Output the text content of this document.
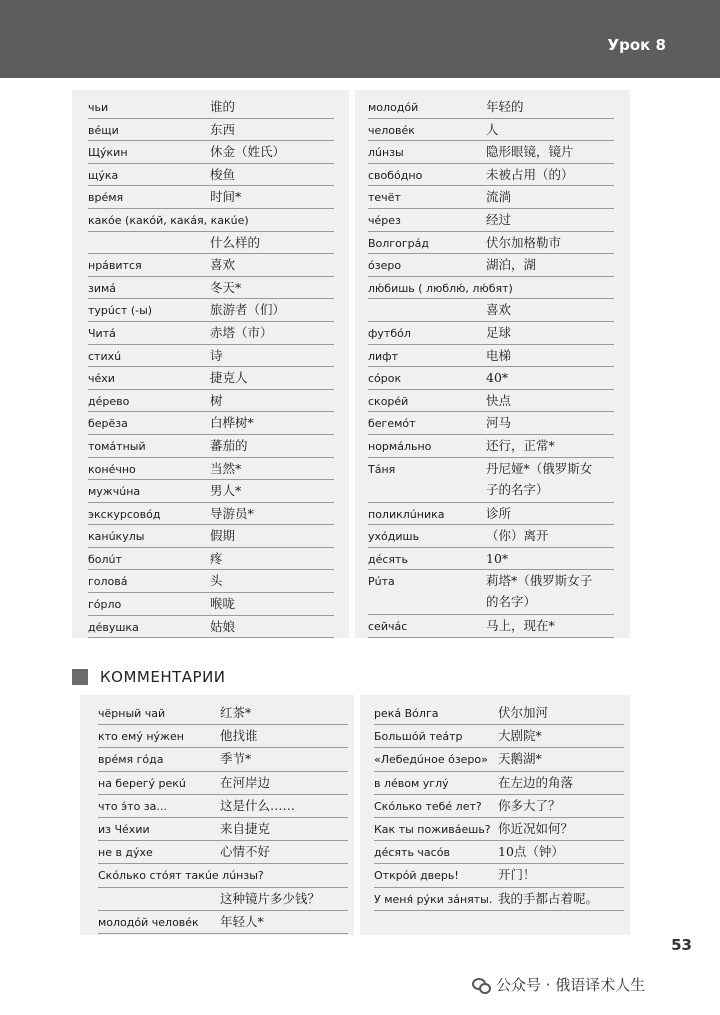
Урок 8
чьи	谁的
вéщи	东西
Щýкин	休金（姓氏）
щýка	梭鱼
врéмя	时间*
какóе (какóй, какáя, какúе)
什么样的
нрáвится	喜欢
зимá	冬天*
турúст (-ы)	旅游者（们）
Читá	赤塔（市）
стихú	诗
чéхи	捷克人
дéрево	树
берёза	白桦树*
томáтный	蕃茄的
конéчно	当然*
мужчúна	男人*
экскурсовóд	导游员*
канúкулы	假期
болúт	疼
головá	头
гóрло	喉咙
дéвушка	姑娘
молодóй	年轻的
человéк	人
лúнзы	隐形眼镜，镜片
свобóдно	未被占用（的）
течёт	流淌
чéрез	经过
Волгогрáд	伏尔加格勒市
óзеро	湖泊，湖
лю́бишь ( люблю́, лю́бят)
喜欢
футбóл	足球
лифт	电梯
сóрок	40*
скорéй	快点
бегемóт	河马
нормáльно	还行，正常*
Тáня	丹尼娅*（俄罗斯女
子的名字）
поликлúника	诊所
ухóдишь	（你）离开
дéсять	10*
Рúта	莉塔*（俄罗斯女子
的名字）
сейчáс	马上，现在*
КОММЕНТАРИИ
чёрный чай	红茶*
кто емý нýжен	他找谁
врéмя гóда	季节*
на берегý рекú	在河岸边
что э́то за...	这是什么……
из Чéхии	来自捷克
не в дýхе	心情不好
Скóлько стóят такúе лúнзы?
这种镜片多少钱？
молодóй человéк 年轻人*
рекá Вóлга	伏尔加河
Большóй теáтр	大剧院*
«Лебедúное óзеро» 天鹅湖*
в лéвом углý	在左边的角落
Скóлько тебé лет? 你多大了？
Как ты поживáешь? 你近况如何？
дéсять часóв	10点（钟）
Открóй дверь!	开门！
У меня́ рýки зáняты. 我的手都占着呢。
53
公众号 · 俄语译术人生
